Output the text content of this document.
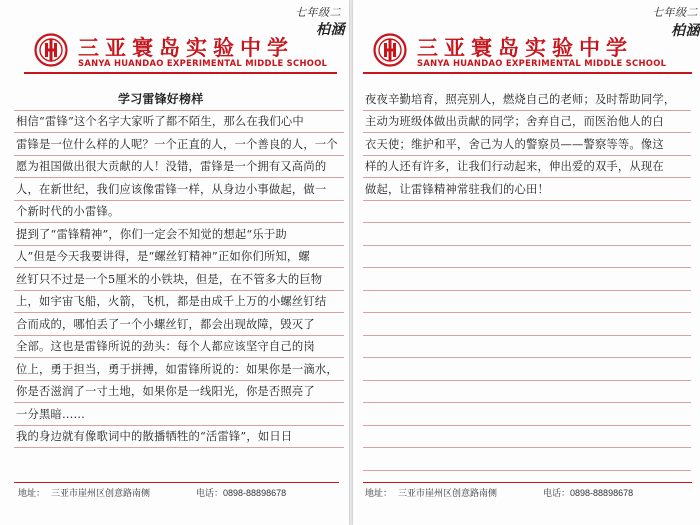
七年级二
柏涵
三亚寰岛实验中学
SANYA HUANDAO EXPERIMENTAL MIDDLE SCHOOL
学习雷锋好榜样
相信“雷锋”这个名字大家听了都不陌生，那么在我们心中
雷锋是一位什么样的人呢？一个正直的人，一个善良的人，一个
愿为祖国做出很大贡献的人！没错，雷锋是一个拥有又高尚的
人，在新世纪，我们应该像雷锋一样，从身边小事做起，做一
个新时代的小雷锋。
提到了“雷锋精神”，你们一定会不知觉的想起“乐于助
人”但是今天我要讲得，是“螺丝钉精神”正如你们所知，螺
丝钉只不过是一个5厘米的小铁块，但是，在不管多大的巨物
上，如宇宙飞船，火箭，飞机，都是由成千上万的小螺丝钉结
合而成的，哪怕丢了一个小螺丝钉，都会出现故障，毁灭了
全部。这也是雷锋所说的劲头：每个人都应该坚守自己的岗
位上，勇于担当，勇于拼搏，如雷锋所说的：如果你是一滴水，
你是否滋润了一寸土地，如果你是一线阳光，你是否照亮了
一分黑暗……
我的身边就有像歌词中的散播牺牲的“活雷锋”，如日日
地址： 三亚市崖州区创意路南侧	电话：0898-88898678
七年级二
柏涵
三亚寰岛实验中学
SANYA HUANDAO EXPERIMENTAL MIDDLE SCHOOL
夜夜辛勤培育，照亮别人，燃烧自己的老师；及时帮助同学，
主动为班级体做出贡献的同学；舍弃自己，而医治他人的白
衣天使；维护和平，舍己为人的警察员——警察等等。像这
样的人还有许多，让我们行动起来，伸出爱的双手，从现在
做起，让雷锋精神常驻我们的心田！
地址： 三亚市崖州区创意路南侧	电话：0898-88898678
